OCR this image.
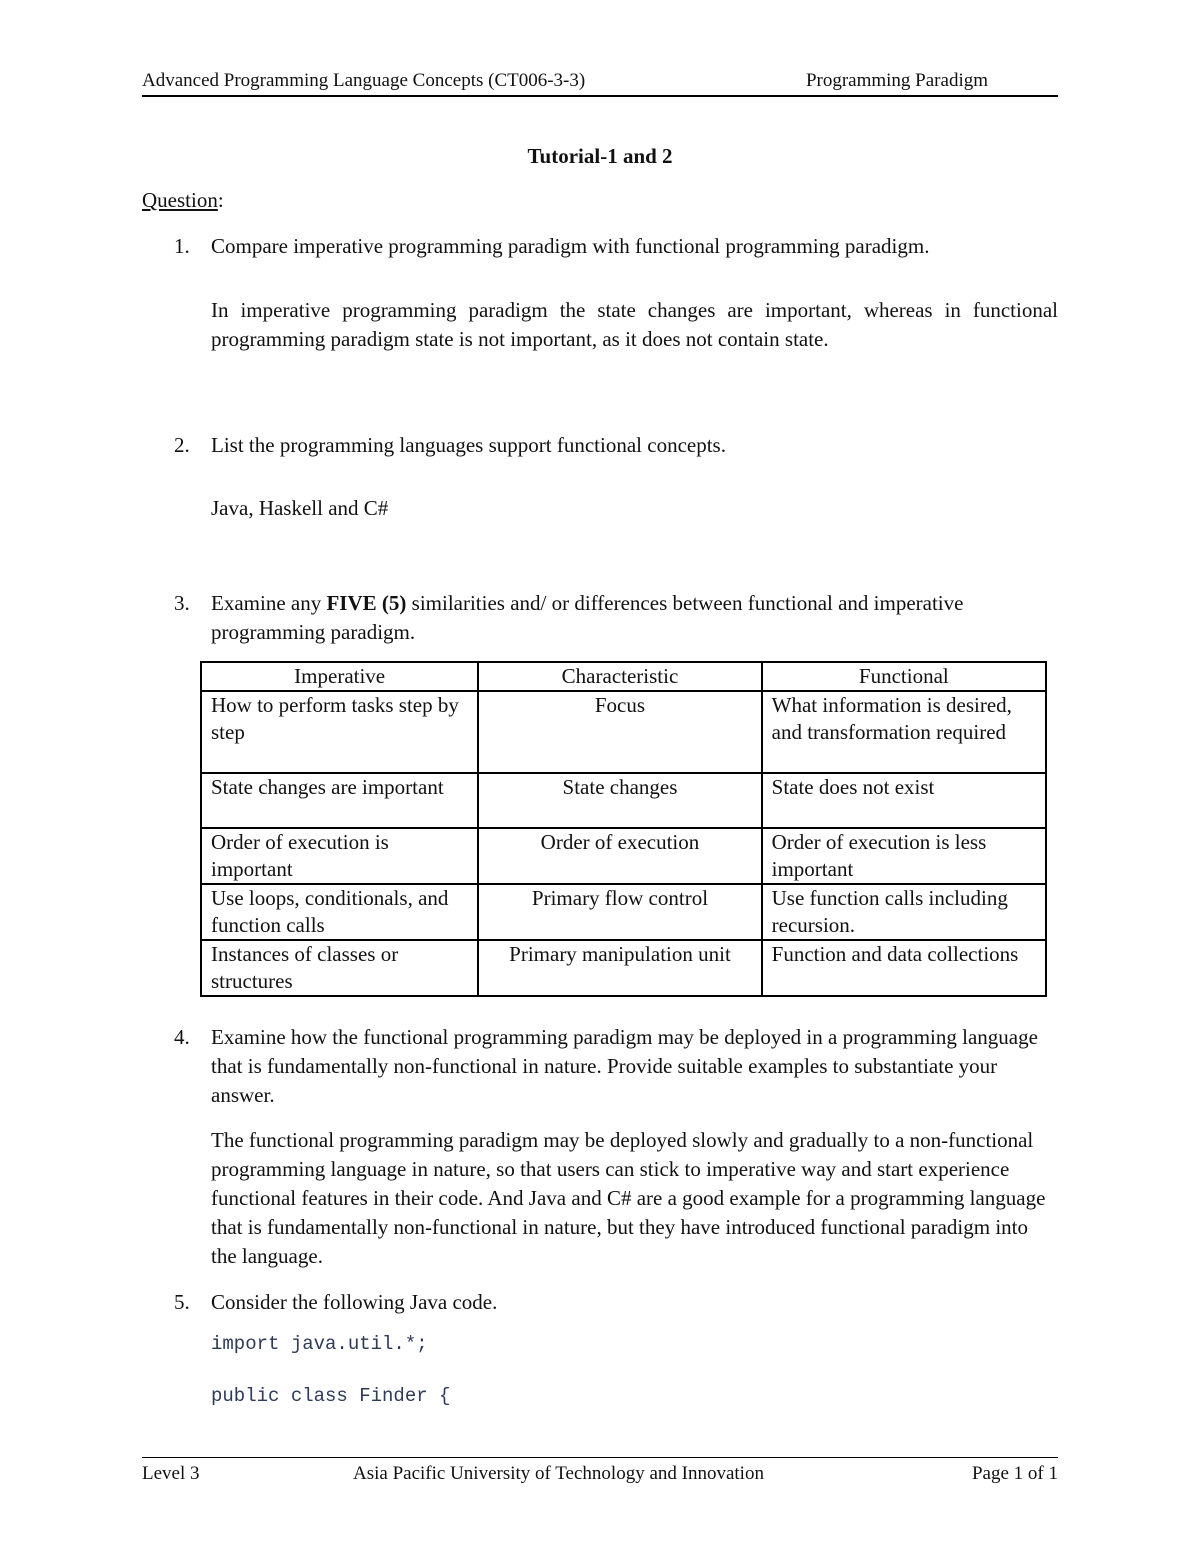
Advanced Programming Language Concepts (CT006-3-3)	Programming Paradigm
Tutorial-1 and 2
Question:
1. Compare imperative programming paradigm with functional programming paradigm.
In imperative programming paradigm the state changes are important, whereas in functional programming paradigm state is not important, as it does not contain state.
2. List the programming languages support functional concepts.
Java, Haskell and C#
3. Examine any FIVE (5) similarities and/ or differences between functional and imperative programming paradigm.
Imperative	Characteristic	Functional
How to perform tasks step by step	Focus	What information is desired, and transformation required
State changes are important	State changes	State does not exist
Order of execution is important	Order of execution	Order of execution is less important
Use loops, conditionals, and function calls	Primary flow control	Use function calls including recursion.
Instances of classes or structures	Primary manipulation unit	Function and data collections
4. Examine how the functional programming paradigm may be deployed in a programming language that is fundamentally non-functional in nature. Provide suitable examples to substantiate your answer.
The functional programming paradigm may be deployed slowly and gradually to a non-functional programming language in nature, so that users can stick to imperative way and start experience functional features in their code. And Java and C# are a good example for a programming language that is fundamentally non-functional in nature, but they have introduced functional paradigm into the language.
5. Consider the following Java code.
import java.util.*;
public class Finder {
Level 3	Asia Pacific University of Technology and Innovation	Page 1 of 1
